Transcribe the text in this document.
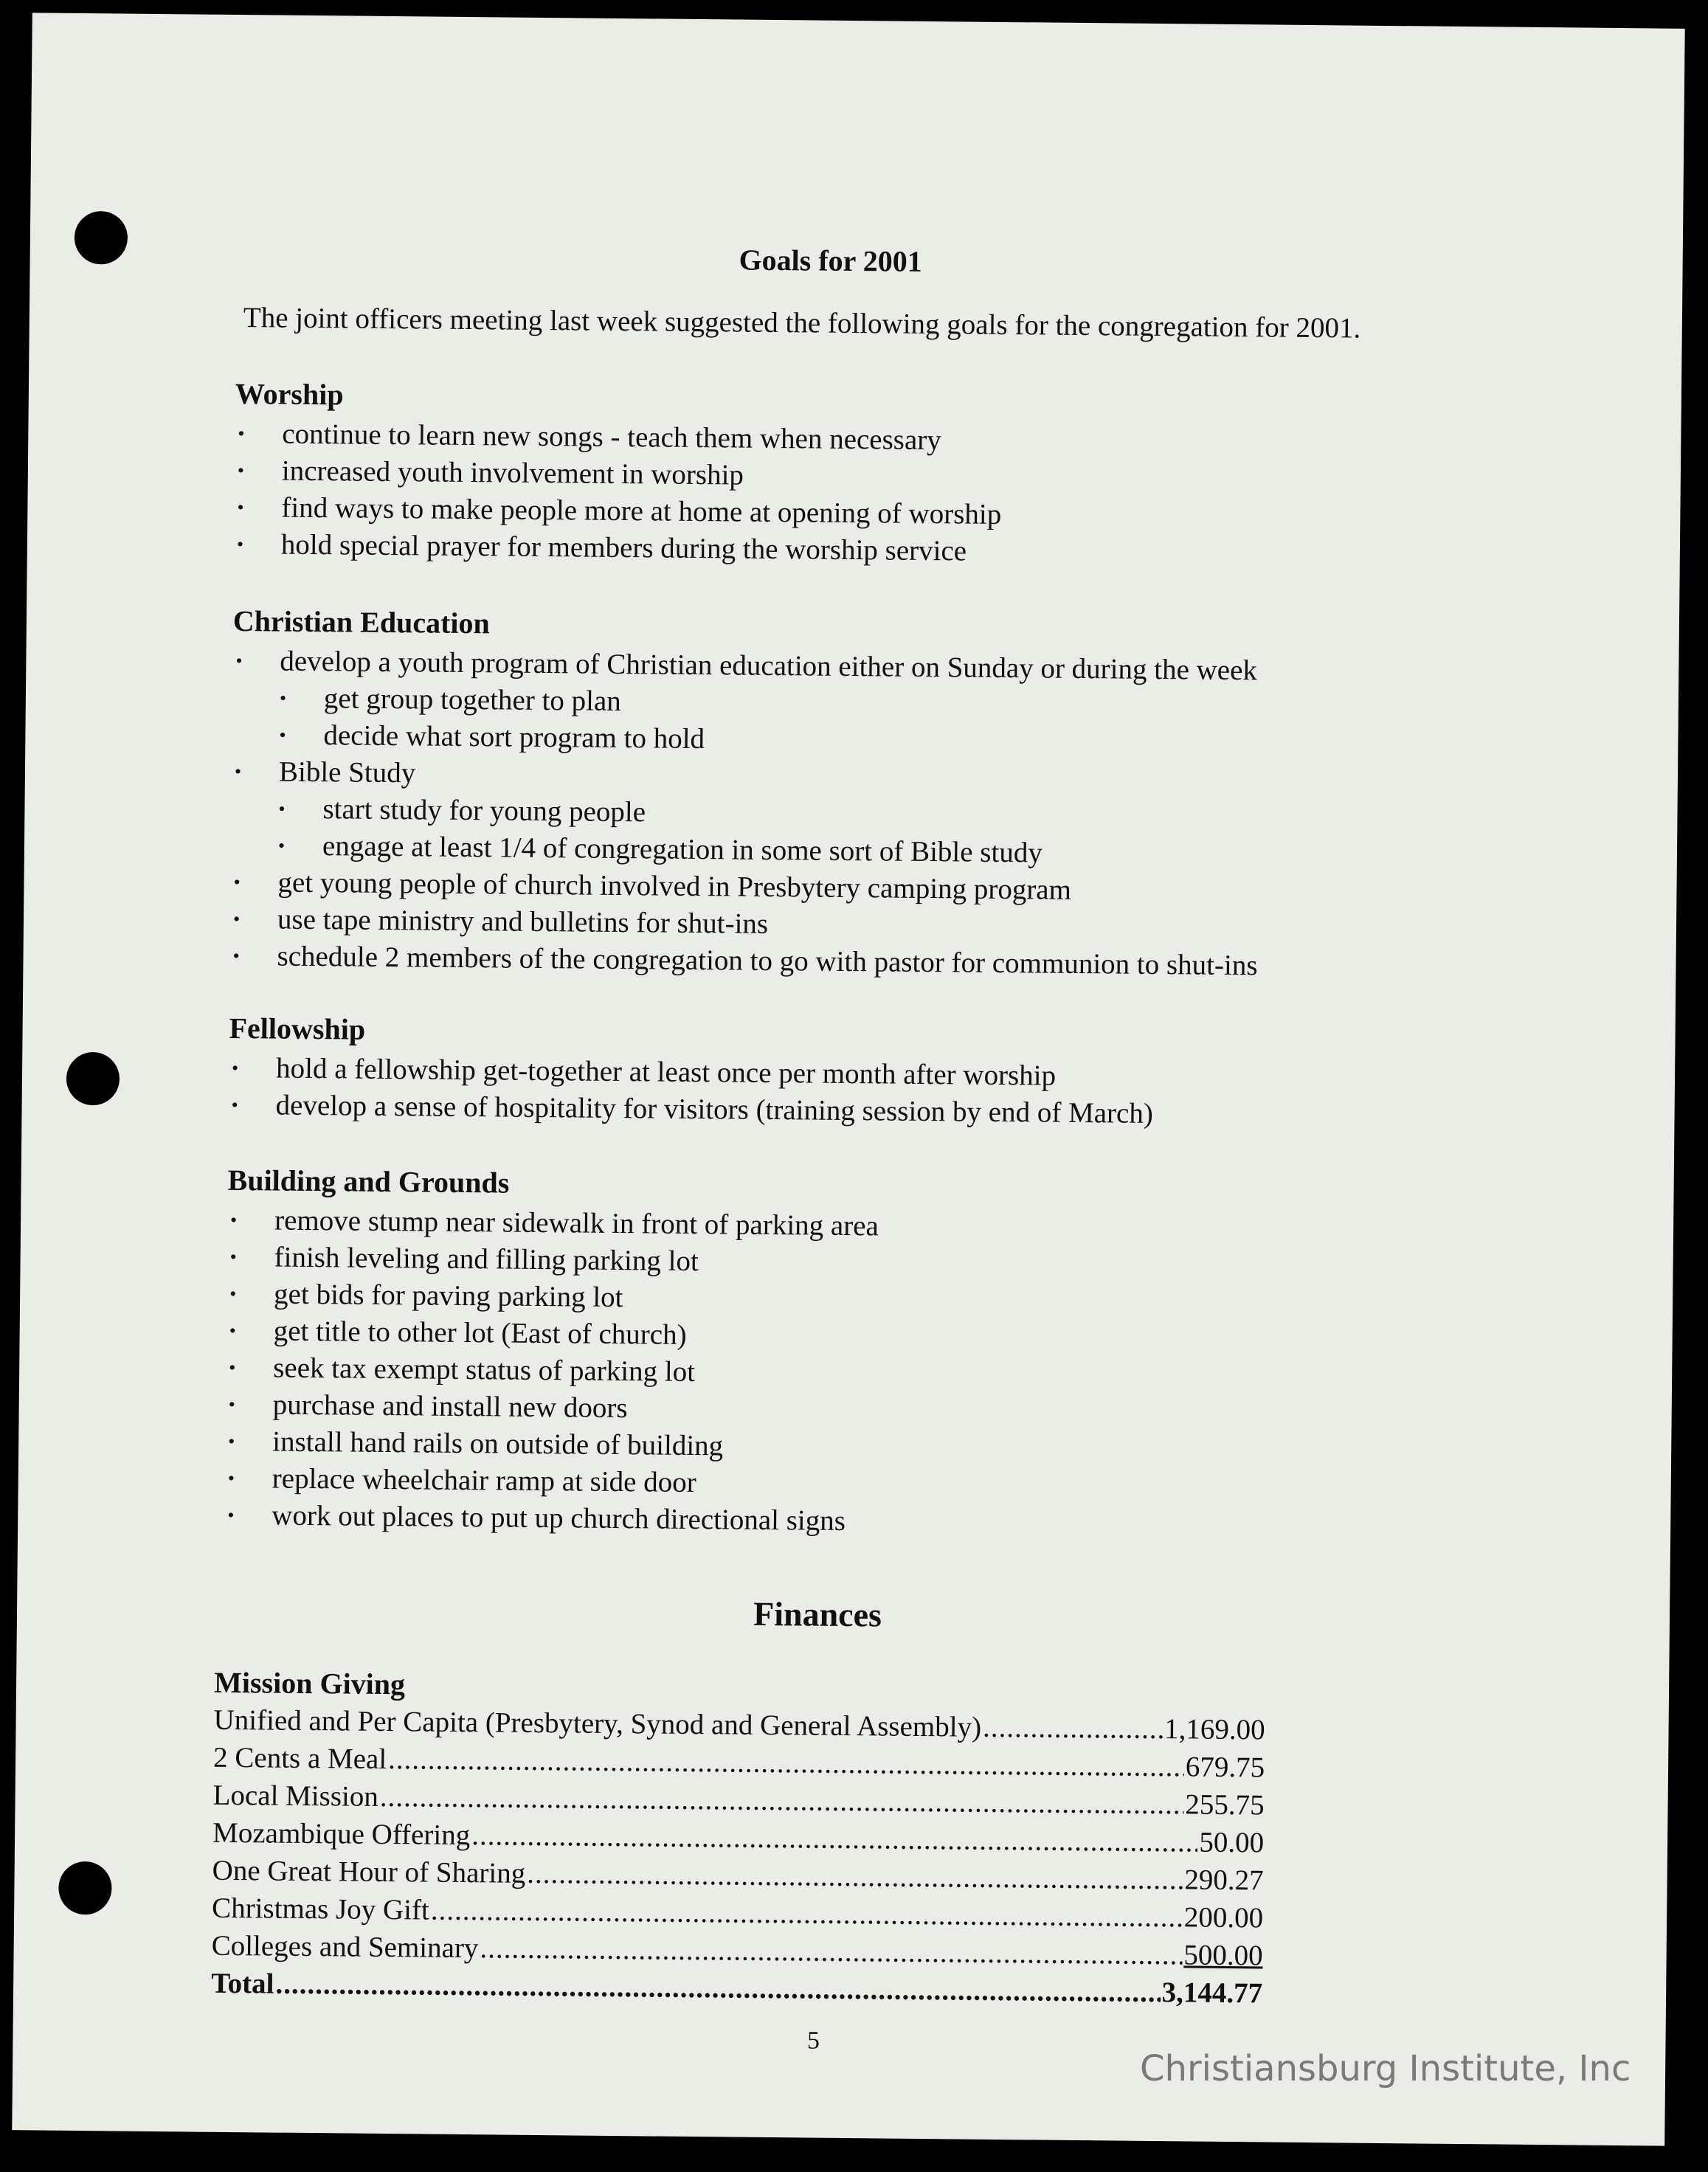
Goals for 2001
The joint officers meeting last week suggested the following goals for the congregation for 2001.
Worship
• continue to learn new songs - teach them when necessary
• increased youth involvement in worship
• find ways to make people more at home at opening of worship
• hold special prayer for members during the worship service
Christian Education
• develop a youth program of Christian education either on Sunday or during the week
• get group together to plan
• decide what sort program to hold
• Bible Study
• start study for young people
• engage at least 1/4 of congregation in some sort of Bible study
• get young people of church involved in Presbytery camping program
• use tape ministry and bulletins for shut-ins
• schedule 2 members of the congregation to go with pastor for communion to shut-ins
Fellowship
• hold a fellowship get-together at least once per month after worship
• develop a sense of hospitality for visitors (training session by end of March)
Building and Grounds
• remove stump near sidewalk in front of parking area
• finish leveling and filling parking lot
• get bids for paving parking lot
• get title to other lot (East of church)
• seek tax exempt status of parking lot
• purchase and install new doors
• install hand rails on outside of building
• replace wheelchair ramp at side door
• work out places to put up church directional signs
Finances
Mission Giving
Unified and Per Capita (Presbytery, Synod and General Assembly) .....	1,169.00
2 Cents a Meal .....	679.75
Local Mission .....	255.75
Mozambique Offering .....	50.00
One Great Hour of Sharing .....	290.27
Christmas Joy Gift .....	200.00
Colleges and Seminary .....	500.00
Total .....	3,144.77
5
Christiansburg Institute, Inc
